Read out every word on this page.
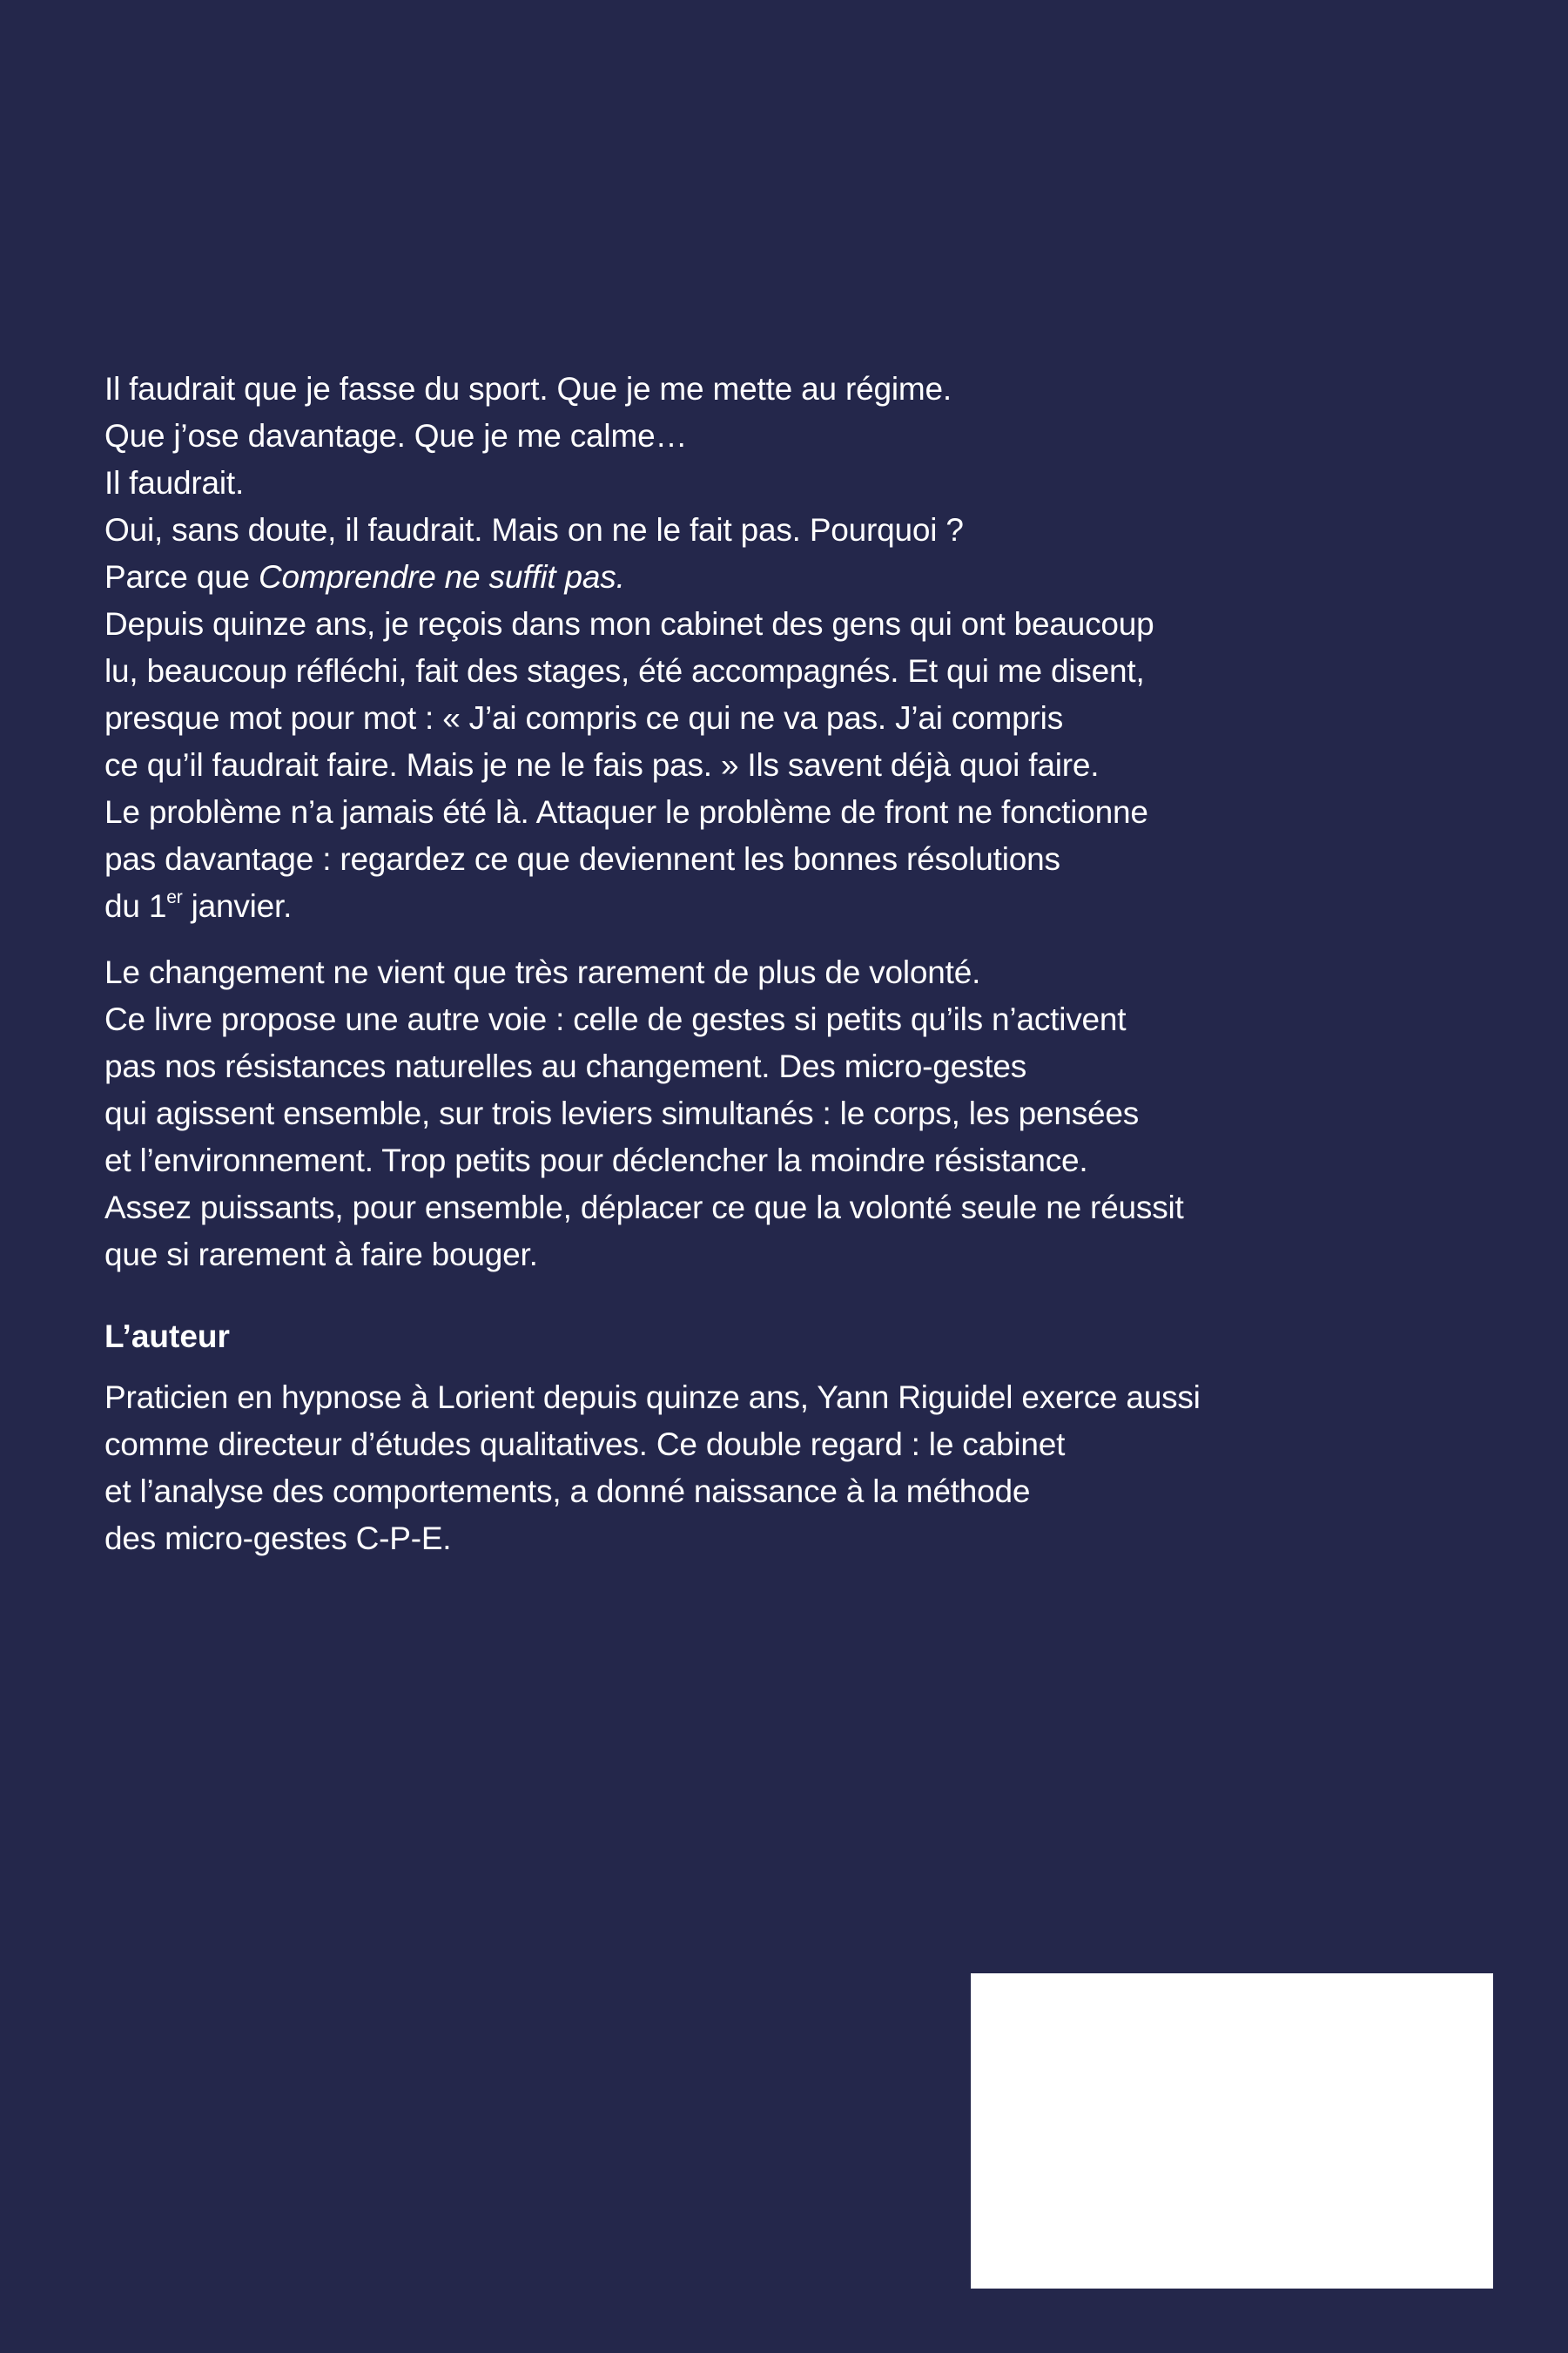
Il faudrait que je fasse du sport. Que je me mette au régime.
Que j’ose davantage. Que je me calme…
Il faudrait.
Oui, sans doute, il faudrait. Mais on ne le fait pas. Pourquoi ?
Parce que Comprendre ne suffit pas.
Depuis quinze ans, je reçois dans mon cabinet des gens qui ont beaucoup
lu, beaucoup réfléchi, fait des stages, été accompagnés. Et qui me disent,
presque mot pour mot : « J’ai compris ce qui ne va pas. J’ai compris
ce qu’il faudrait faire. Mais je ne le fais pas. » Ils savent déjà quoi faire.
Le problème n’a jamais été là. Attaquer le problème de front ne fonctionne
pas davantage : regardez ce que deviennent les bonnes résolutions
du 1er janvier.
Le changement ne vient que très rarement de plus de volonté.
Ce livre propose une autre voie : celle de gestes si petits qu’ils n’activent
pas nos résistances naturelles au changement. Des micro-gestes
qui agissent ensemble, sur trois leviers simultanés : le corps, les pensées
et l’environnement. Trop petits pour déclencher la moindre résistance.
Assez puissants, pour ensemble, déplacer ce que la volonté seule ne réussit
que si rarement à faire bouger.
L’auteur
Praticien en hypnose à Lorient depuis quinze ans, Yann Riguidel exerce aussi
comme directeur d’études qualitatives. Ce double regard : le cabinet
et l’analyse des comportements, a donné naissance à la méthode
des micro-gestes C-P-E.
